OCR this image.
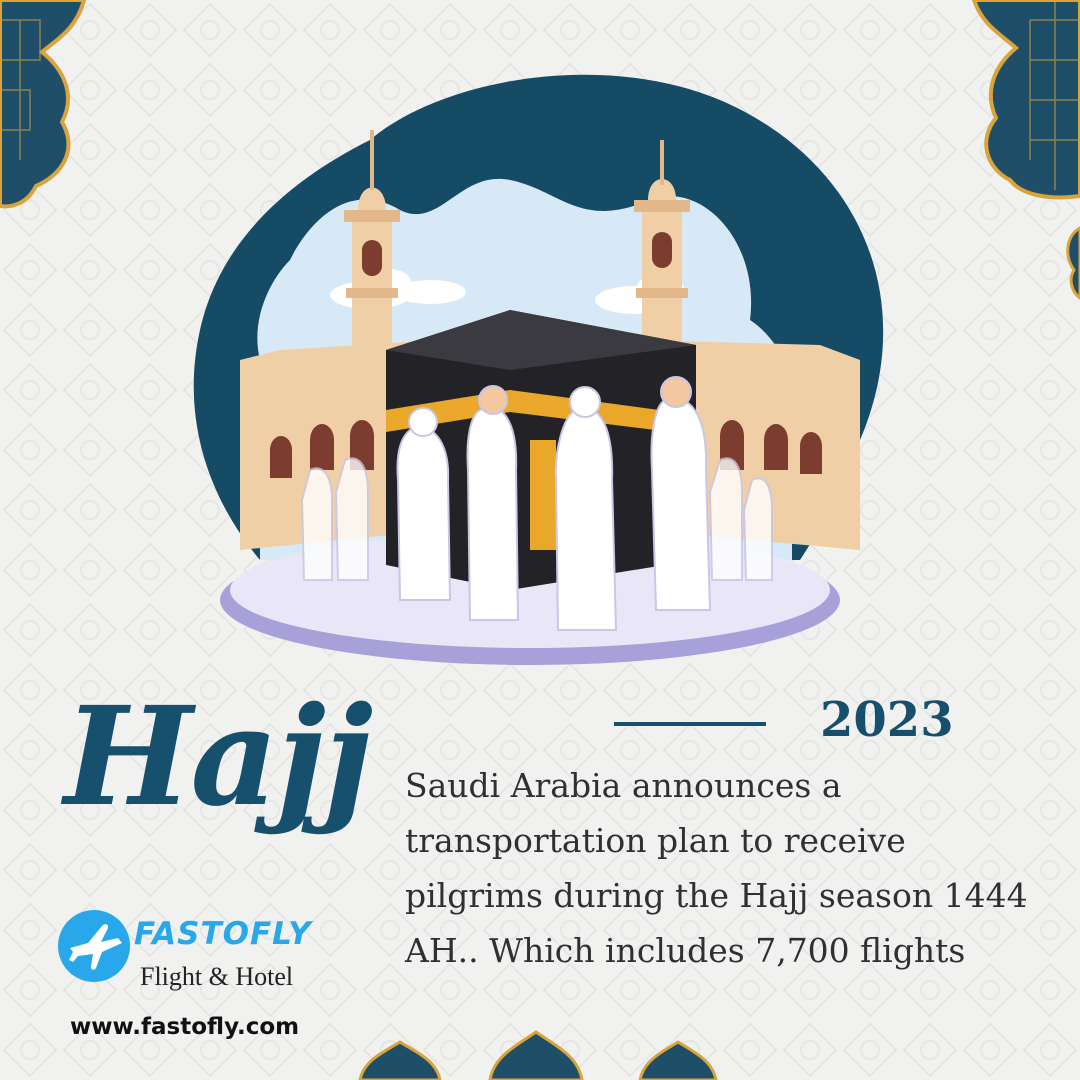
Hajj	2023
Saudi Arabia announces a transportation plan to receive pilgrims during the Hajj season 1444 AH.. Which includes 7,700 flights
FASTOFLY
Flight & Hotel
www.fastofly.com
